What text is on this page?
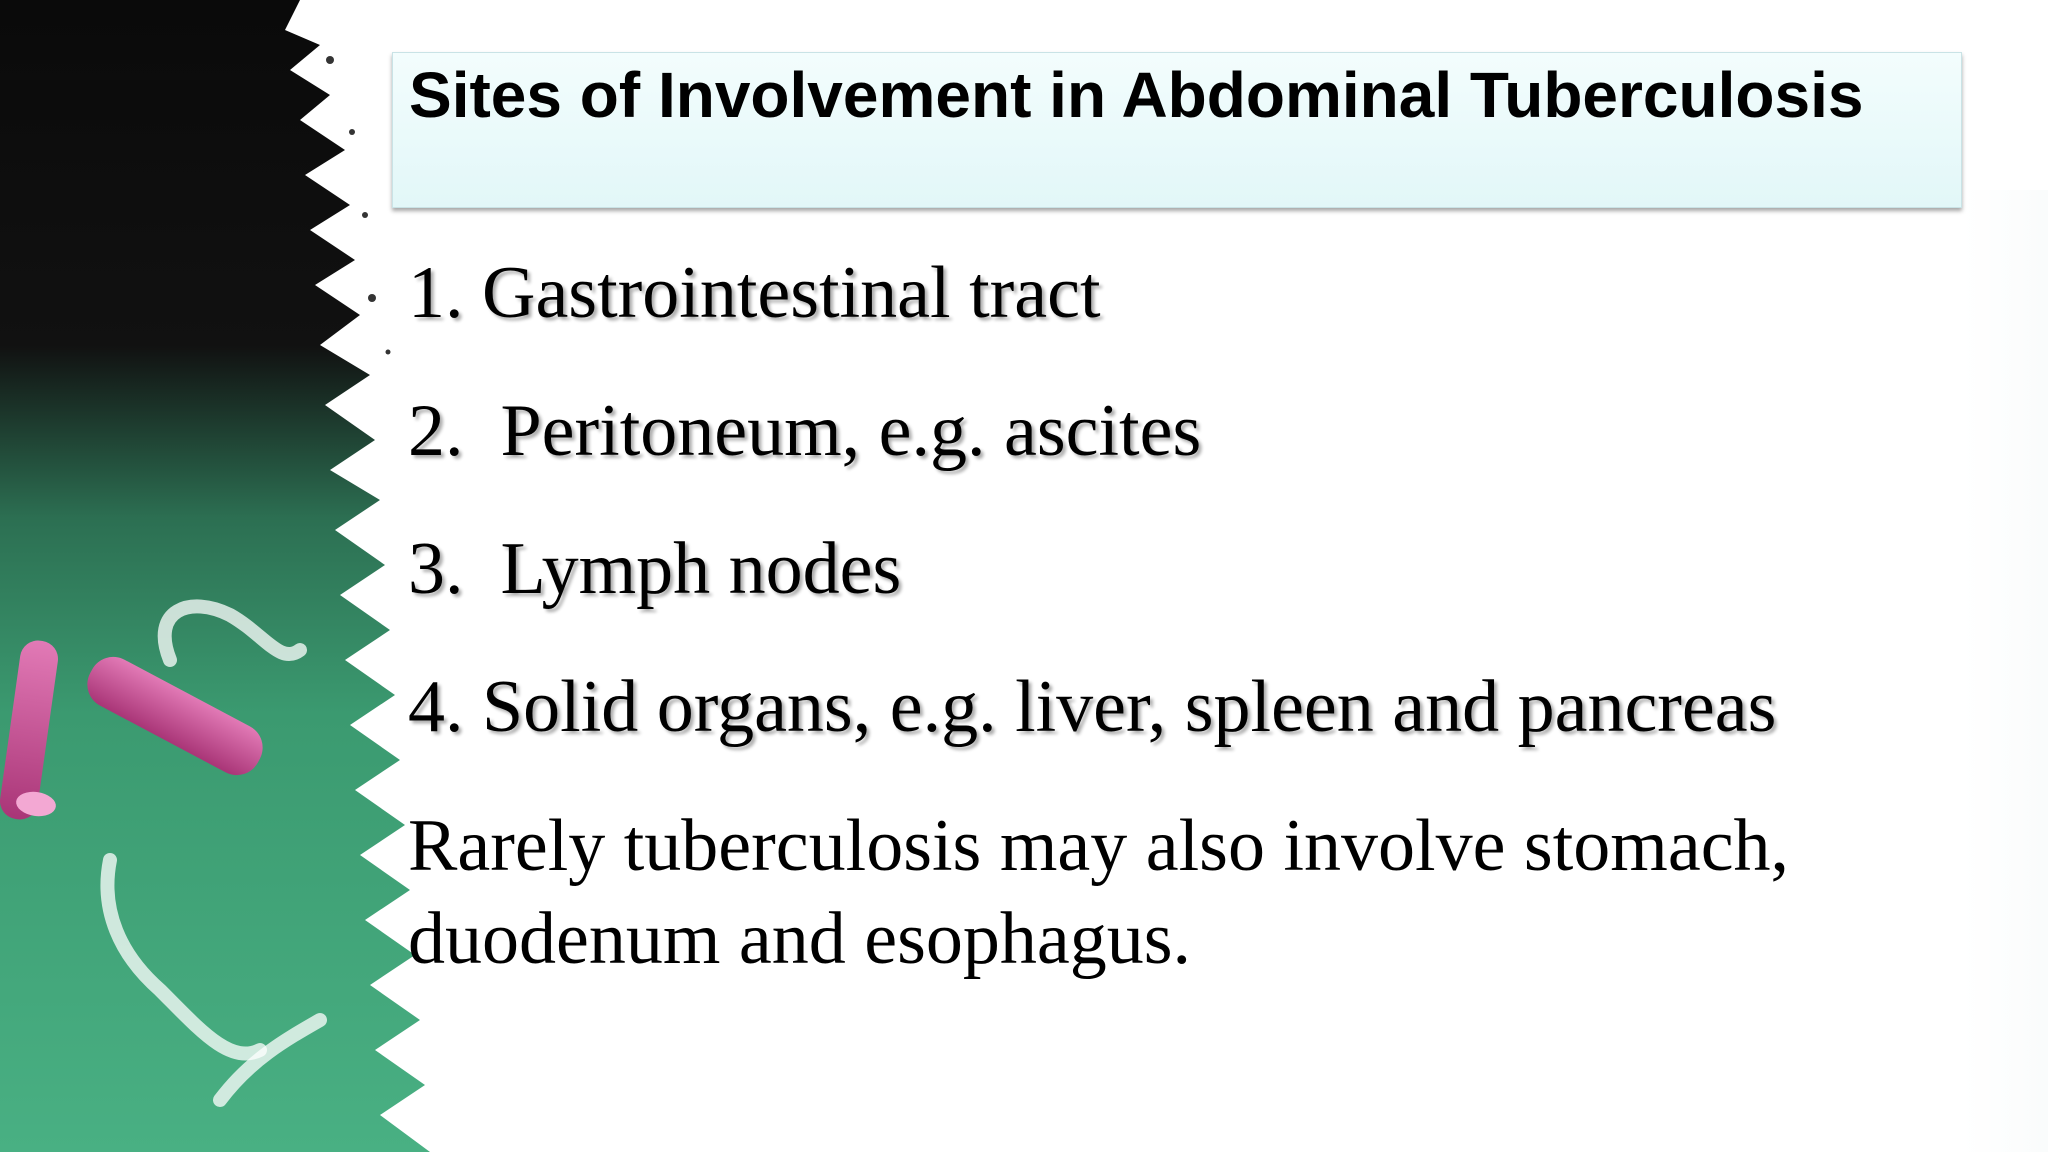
Sites of Involvement in Abdominal Tuberculosis

1. Gastrointestinal tract

2.  Peritoneum, e.g. ascites

3.  Lymph nodes

4. Solid organs, e.g. liver, spleen and pancreas

Rarely tuberculosis may also involve stomach, duodenum and esophagus.
